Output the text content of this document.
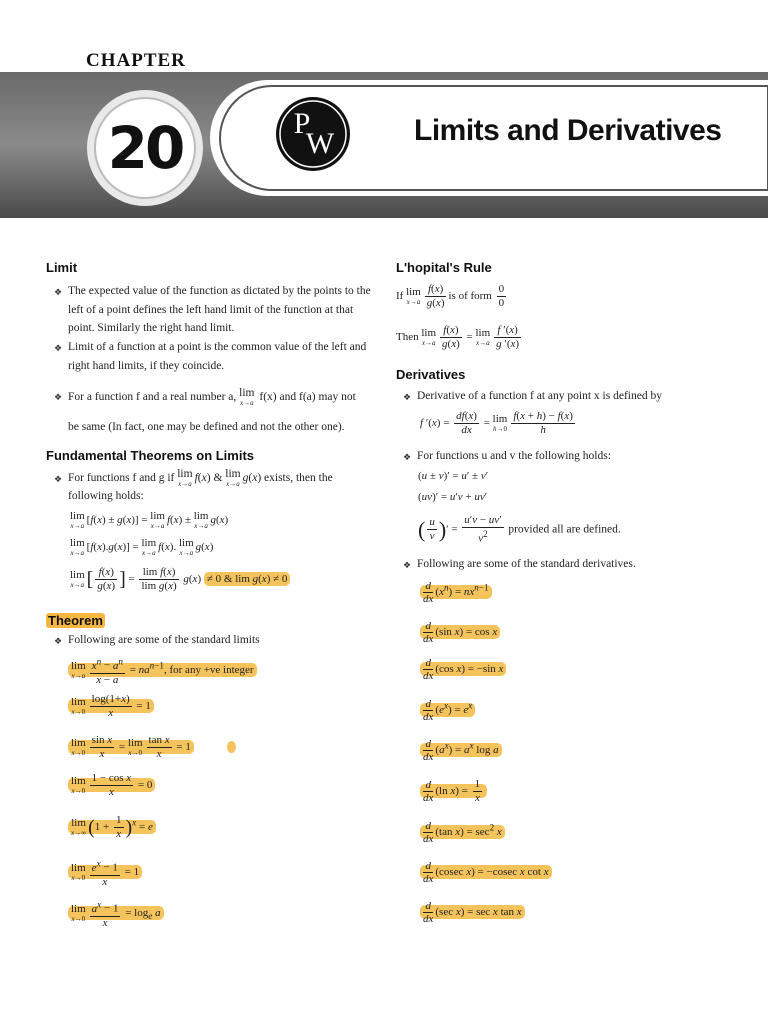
CHAPTER
20	P
W	Limits and Derivatives
Limit
❖ The expected value of the function as dictated by the points to the left of a point defines the left hand limit of the function at that point. Similarly the right hand limit.
❖ Limit of a function at a point is the common value of the left and right hand limits, if they coincide.
❖ For a function f and a real number a, lim
x→a f(x) and f(a) may not
be same (In fact, one may be defined and not the other one).
Fundamental Theorems on Limits
❖ For functions f and g if lim
x→a f(x) & lim
x→a g(x) exists, then the
following holds:
lim
x→a [f(x) ± g(x)] = lim
x→a f(x) ± lim
x→a g(x)
lim
x→a [f(x).g(x)] = lim
x→a f(x). lim
x→a g(x)
lim
x→a [ $\frac{f(x)}{g(x)}$ ] = $\frac{\text{lim f(x)}}{\text{lim g(x)}} g(x) \ne 0$ & lim g(x) ≠ 0
Theorem
❖ Following are some of the standard limits
lim
$x\to a \frac{x^n - a^n}{x - a} = na^{n-1}$, for any +ve integer
lim
$x\to 0 \frac{\log(1+x)}{x} = 1$
lim
$x\to 0 \frac{\text{sin x}}{x} = \lim$
$x\to 0 \frac{\text{tan x}}{x} = 1$
lim
$x\to 0 \frac{\text{1 − cos x}}{x} = 0$
lim
x→∞ $(1 + \frac{1}{x} )^x = e$
lim
$x\to 0 \frac{e^x - 1}{x} = 1$
lim
$x\to 0 \frac{a^x - 1}{x} = \log_e a$
L'hopital's Rule
If lim
$x\to a \frac{f(x)}{g(x)}$ is of form $\frac{0}{0}$
Then lim
$x\to a \frac{f(x)}{g(x)} = \lim$
$x\to a \frac{f '(x)}{g '(x)}$
Derivatives
❖ Derivative of a function f at any point x is defined by
f $'(x) = \frac{df(x)}{dx} = \lim$
$h\to 0 \frac{f(x + h) - f(x)}{h}$
❖ For functions u and v the following holds:
(u ± v)′ = u′ ± v′
(uv)′ = u′v + uv′
( $\frac{u}{v}$ )′ = $\frac{u'v - uv'}{v^2}$ provided all are defined.
❖ Following are some of the standard derivatives.
$\frac{d}{dx} (x^n) = nx^{n-1}$
$\frac{d}{dx} (\sin$ x) = cos x
$\frac{d}{dx} (\cos$ x) = −sin x
$\frac{d}{dx} (e^x) = e^x$
$\frac{d}{dx} (a^x) = a^x$ log a
$\frac{d}{dx} (\ln$ $x) = \frac{1}{x}$
$\frac{d}{dx} (\tan$ $x) = \sec^2 x$
$\frac{d}{dx} (cosec$ x) = −cosec x cot x
$\frac{d}{dx} (\sec$ x) = sec x tan x
